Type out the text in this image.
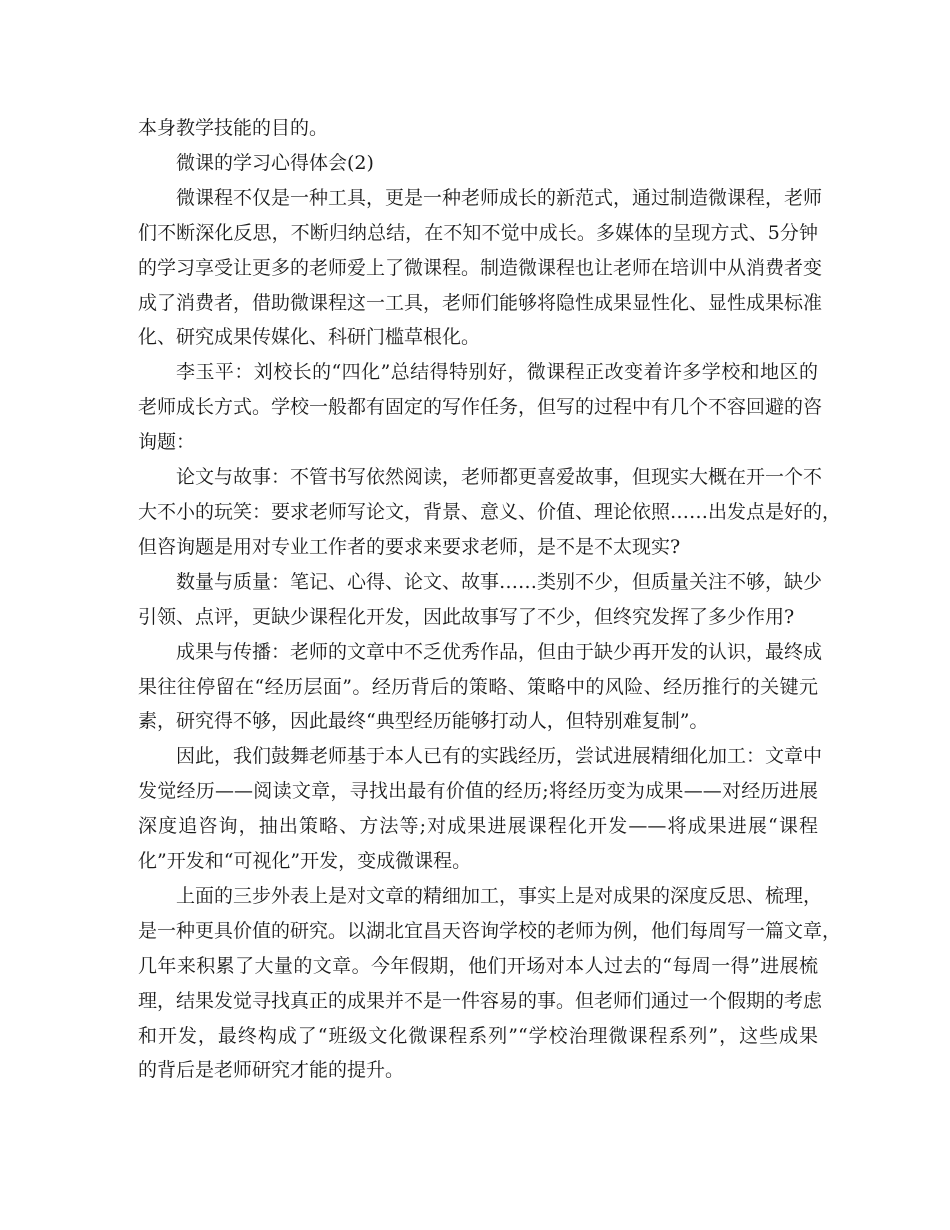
本身教学技能的目的。
微课的学习心得体会(2)
微课程不仅是一种工具，更是一种老师成长的新范式，通过制造微课程，老师
们不断深化反思，不断归纳总结，在不知不觉中成长。多媒体的呈现方式、5分钟
的学习享受让更多的老师爱上了微课程。制造微课程也让老师在培训中从消费者变
成了消费者，借助微课程这一工具，老师们能够将隐性成果显性化、显性成果标准
化、研究成果传媒化、科研门槛草根化。
李玉平：刘校长的“四化”总结得特别好，微课程正改变着许多学校和地区的
老师成长方式。学校一般都有固定的写作任务，但写的过程中有几个不容回避的咨
询题：
论文与故事：不管书写依然阅读，老师都更喜爱故事，但现实大概在开一个不
大不小的玩笑：要求老师写论文，背景、意义、价值、理论依照……出发点是好的，
但咨询题是用对专业工作者的要求来要求老师，是不是不太现实?
数量与质量：笔记、心得、论文、故事……类别不少，但质量关注不够，缺少
引领、点评，更缺少课程化开发，因此故事写了不少，但终究发挥了多少作用?
成果与传播：老师的文章中不乏优秀作品，但由于缺少再开发的认识，最终成
果往往停留在“经历层面”。经历背后的策略、策略中的风险、经历推行的关键元
素，研究得不够，因此最终“典型经历能够打动人，但特别难复制”。
因此，我们鼓舞老师基于本人已有的实践经历，尝试进展精细化加工：文章中
发觉经历——阅读文章，寻找出最有价值的经历;将经历变为成果——对经历进展
深度追咨询，抽出策略、方法等;对成果进展课程化开发——将成果进展“课程
化”开发和“可视化”开发，变成微课程。
上面的三步外表上是对文章的精细加工，事实上是对成果的深度反思、梳理，
是一种更具价值的研究。以湖北宜昌天咨询学校的老师为例，他们每周写一篇文章，
几年来积累了大量的文章。今年假期，他们开场对本人过去的“每周一得”进展梳
理，结果发觉寻找真正的成果并不是一件容易的事。但老师们通过一个假期的考虑
和开发，最终构成了“班级文化微课程系列”“学校治理微课程系列”，这些成果
的背后是老师研究才能的提升。
